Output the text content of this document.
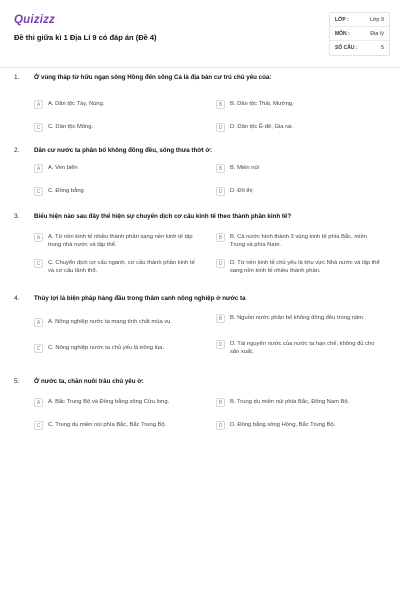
Quizizz
Đề thi giữa kì 1 Địa Lí 9 có đáp án (Đề 4)
LỚP :	Lớp 9
MÔN :	Địa lý
SỐ CÂU :	5
1.	Ở vùng tháp từ hữu ngạn sông Hồng đến sông Cả là địa bàn cư trú chủ yếu của:
A	A. Dân tộc Tày, Nùng.	B	B. Dân tộc Thái, Mường.
C	C. Dân tộc Mông.	D	D. Dân tộc Ê-đê, Gia rai.
2.	Dân cư nước ta phân bố không đồng đều, sống thưa thớt ở:
A	A. Ven biển	B	B. Miền núi
C	C. Đồng bằng	D	D. Đô thị
3.	Biểu hiện nào sau đây thể hiện sự chuyển dịch cơ cấu kinh tế theo thành phần kinh tế?
A	A. Từ nền kinh tế nhiều thành phần sang nền kinh tế tập trung nhà nước và tập thể.
B	B. Cả nước hình thành 3 vùng kinh tế phía Bắc, miền Trung và phía Nam.
C	C. Chuyển dịch cơ cấu ngành, cơ cấu thành phần kinh tế và cơ cấu lãnh thổ.
D	D. Từ nền kinh tế chủ yếu là khu vực Nhà nước và tập thể sang nền kinh tế nhiều thành phần.
4.	Thủy lợi là biện pháp hàng đầu trong thâm canh nông nghiệp ở nước ta
A	A. Nông nghiệp nước ta mang tính chất mùa vụ.
B	B. Nguồn nước phân bố không đồng đều trong năm.
C	C. Nông nghiệp nước ta chủ yếu là trồng lúa.
D	D. Tài nguyên nước của nước ta hạn chế, không đủ cho sản xuất.
5.	Ở nước ta, chăn nuôi trâu chủ yếu ở:
A	A. Bắc Trung Bộ và Đồng bằng sông Cửu long.	B	B. Trung du miền núi phía Bắc, Đông Nam Bộ.
C	C. Trung du miền núi phía Bắc, Bắc Trung Bộ.	D	D. Đồng bằng sông Hồng, Bắc Trung Bộ.
